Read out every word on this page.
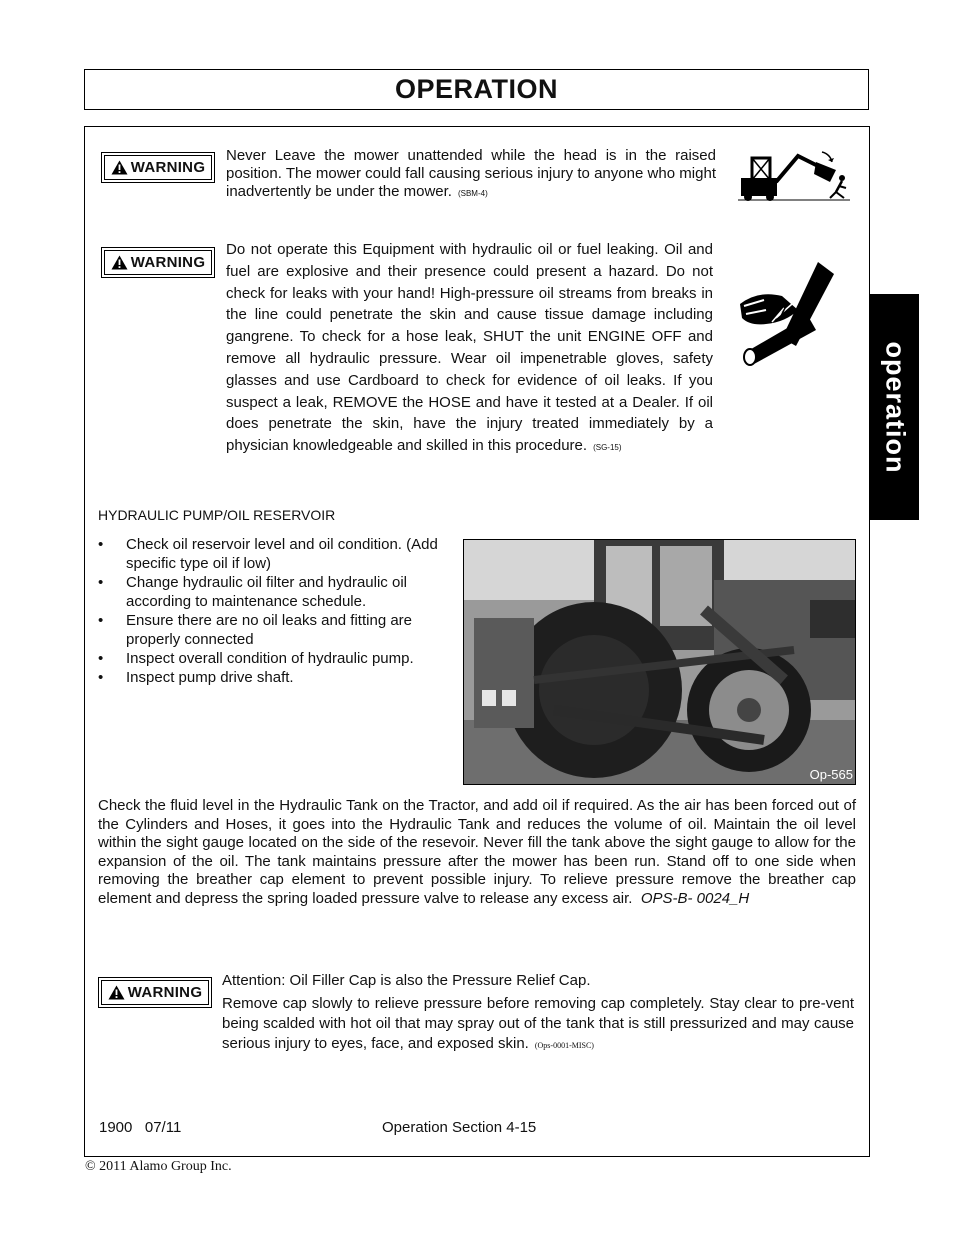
OPERATION
operation
WARNING
Never Leave the mower unattended while the head is in the raised position. The mower could fall causing serious injury to anyone who might inadvertently be under the mower. (SBM-4)
WARNING
Do not operate this Equipment with hydraulic oil or fuel leaking. Oil and fuel are explosive and their presence could present a hazard. Do not check for leaks with your hand! High-pressure oil streams from breaks in the line could penetrate the skin and cause tissue damage including gangrene. To check for a hose leak, SHUT the unit ENGINE OFF and remove all hydraulic pressure. Wear oil impenetrable gloves, safety glasses and use Cardboard to check for evidence of oil leaks. If you suspect a leak, REMOVE the HOSE and have it tested at a Dealer. If oil does penetrate the skin, have the injury treated immediately by a physician knowledgeable and skilled in this procedure. (SG-15)
HYDRAULIC PUMP/OIL RESERVOIR
• Check oil reservoir level and oil condition. (Add specific type oil if low)
• Change hydraulic oil filter and hydraulic oil according to maintenance schedule.
• Ensure there are no oil leaks and fitting are properly connected
• Inspect overall condition of hydraulic pump.
• Inspect pump drive shaft.
Op-565
Check the fluid level in the Hydraulic Tank on the Tractor, and add oil if required. As the air has been forced out of the Cylinders and Hoses, it goes into the Hydraulic Tank and reduces the volume of oil. Maintain the oil level within the sight gauge located on the side of the resevoir. Never fill the tank above the sight gauge to allow for the expansion of the oil. The tank maintains pressure after the mower has been run. Stand off to one side when removing the breather cap element to prevent possible injury. To relieve pressure remove the breather cap element and depress the spring loaded pressure valve to release any excess air. OPS-B- 0024_H
WARNING
Attention: Oil Filler Cap is also the Pressure Relief Cap.
Remove cap slowly to relieve pressure before removing cap completely. Stay clear to pre-vent being scalded with hot oil that may spray out of the tank that is still pressurized and may cause serious injury to eyes, face, and exposed skin. (Ops-0001-MISC)
1900   07/11	Operation Section 4-15
© 2011 Alamo Group Inc.
